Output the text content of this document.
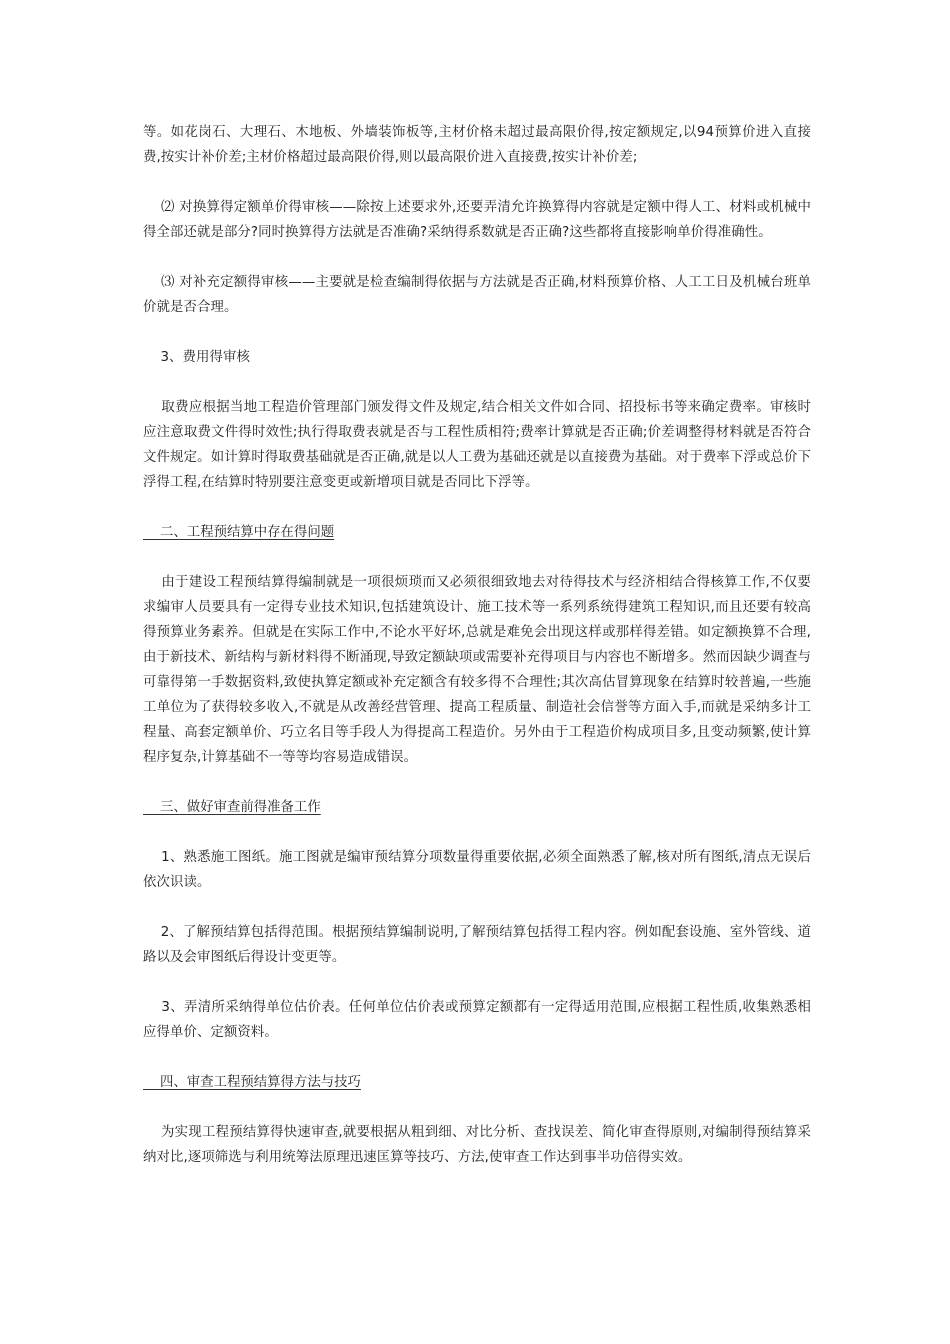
等。如花岗石、大理石、木地板、外墙装饰板等,主材价格未超过最高限价得,按定额规定,以94预算价进入直接费,按实计补价差;主材价格超过最高限价得,则以最高限价进入直接费,按实计补价差;

⑵ 对换算得定额单价得审核——除按上述要求外,还要弄清允许换算得内容就是定额中得人工、材料或机械中得全部还就是部分?同时换算得方法就是否准确?采纳得系数就是否正确?这些都将直接影响单价得准确性。

⑶ 对补充定额得审核——主要就是检查编制得依据与方法就是否正确,材料预算价格、人工工日及机械台班单价就是否合理。

3、费用得审核

取费应根据当地工程造价管理部门颁发得文件及规定,结合相关文件如合同、招投标书等来确定费率。审核时应注意取费文件得时效性;执行得取费表就是否与工程性质相符;费率计算就是否正确;价差调整得材料就是否符合文件规定。如计算时得取费基础就是否正确,就是以人工费为基础还就是以直接费为基础。对于费率下浮或总价下浮得工程,在结算时特别要注意变更或新增项目就是否同比下浮等。

二、工程预结算中存在得问题

由于建设工程预结算得编制就是一项很烦琐而又必须很细致地去对待得技术与经济相结合得核算工作,不仅要求编审人员要具有一定得专业技术知识,包括建筑设计、施工技术等一系列系统得建筑工程知识,而且还要有较高得预算业务素养。但就是在实际工作中,不论水平好坏,总就是难免会出现这样或那样得差错。如定额换算不合理,由于新技术、新结构与新材料得不断涌现,导致定额缺项或需要补充得项目与内容也不断增多。然而因缺少调查与可靠得第一手数据资料,致使执算定额或补充定额含有较多得不合理性;其次高估冒算现象在结算时较普遍,一些施工单位为了获得较多收入,不就是从改善经营管理、提高工程质量、制造社会信誉等方面入手,而就是采纳多计工程量、高套定额单价、巧立名目等手段人为得提高工程造价。另外由于工程造价构成项目多,且变动频繁,使计算程序复杂,计算基础不一等等均容易造成错误。

三、做好审查前得准备工作

1、熟悉施工图纸。施工图就是编审预结算分项数量得重要依据,必须全面熟悉了解,核对所有图纸,清点无误后依次识读。

2、了解预结算包括得范围。根据预结算编制说明,了解预结算包括得工程内容。例如配套设施、室外管线、道路以及会审图纸后得设计变更等。

3、弄清所采纳得单位估价表。任何单位估价表或预算定额都有一定得适用范围,应根据工程性质,收集熟悉相应得单价、定额资料。

四、审查工程预结算得方法与技巧

为实现工程预结算得快速审查,就要根据从粗到细、对比分析、查找误差、简化审查得原则,对编制得预结算采纳对比,逐项筛选与利用统筹法原理迅速匡算等技巧、方法,使审查工作达到事半功倍得实效。
